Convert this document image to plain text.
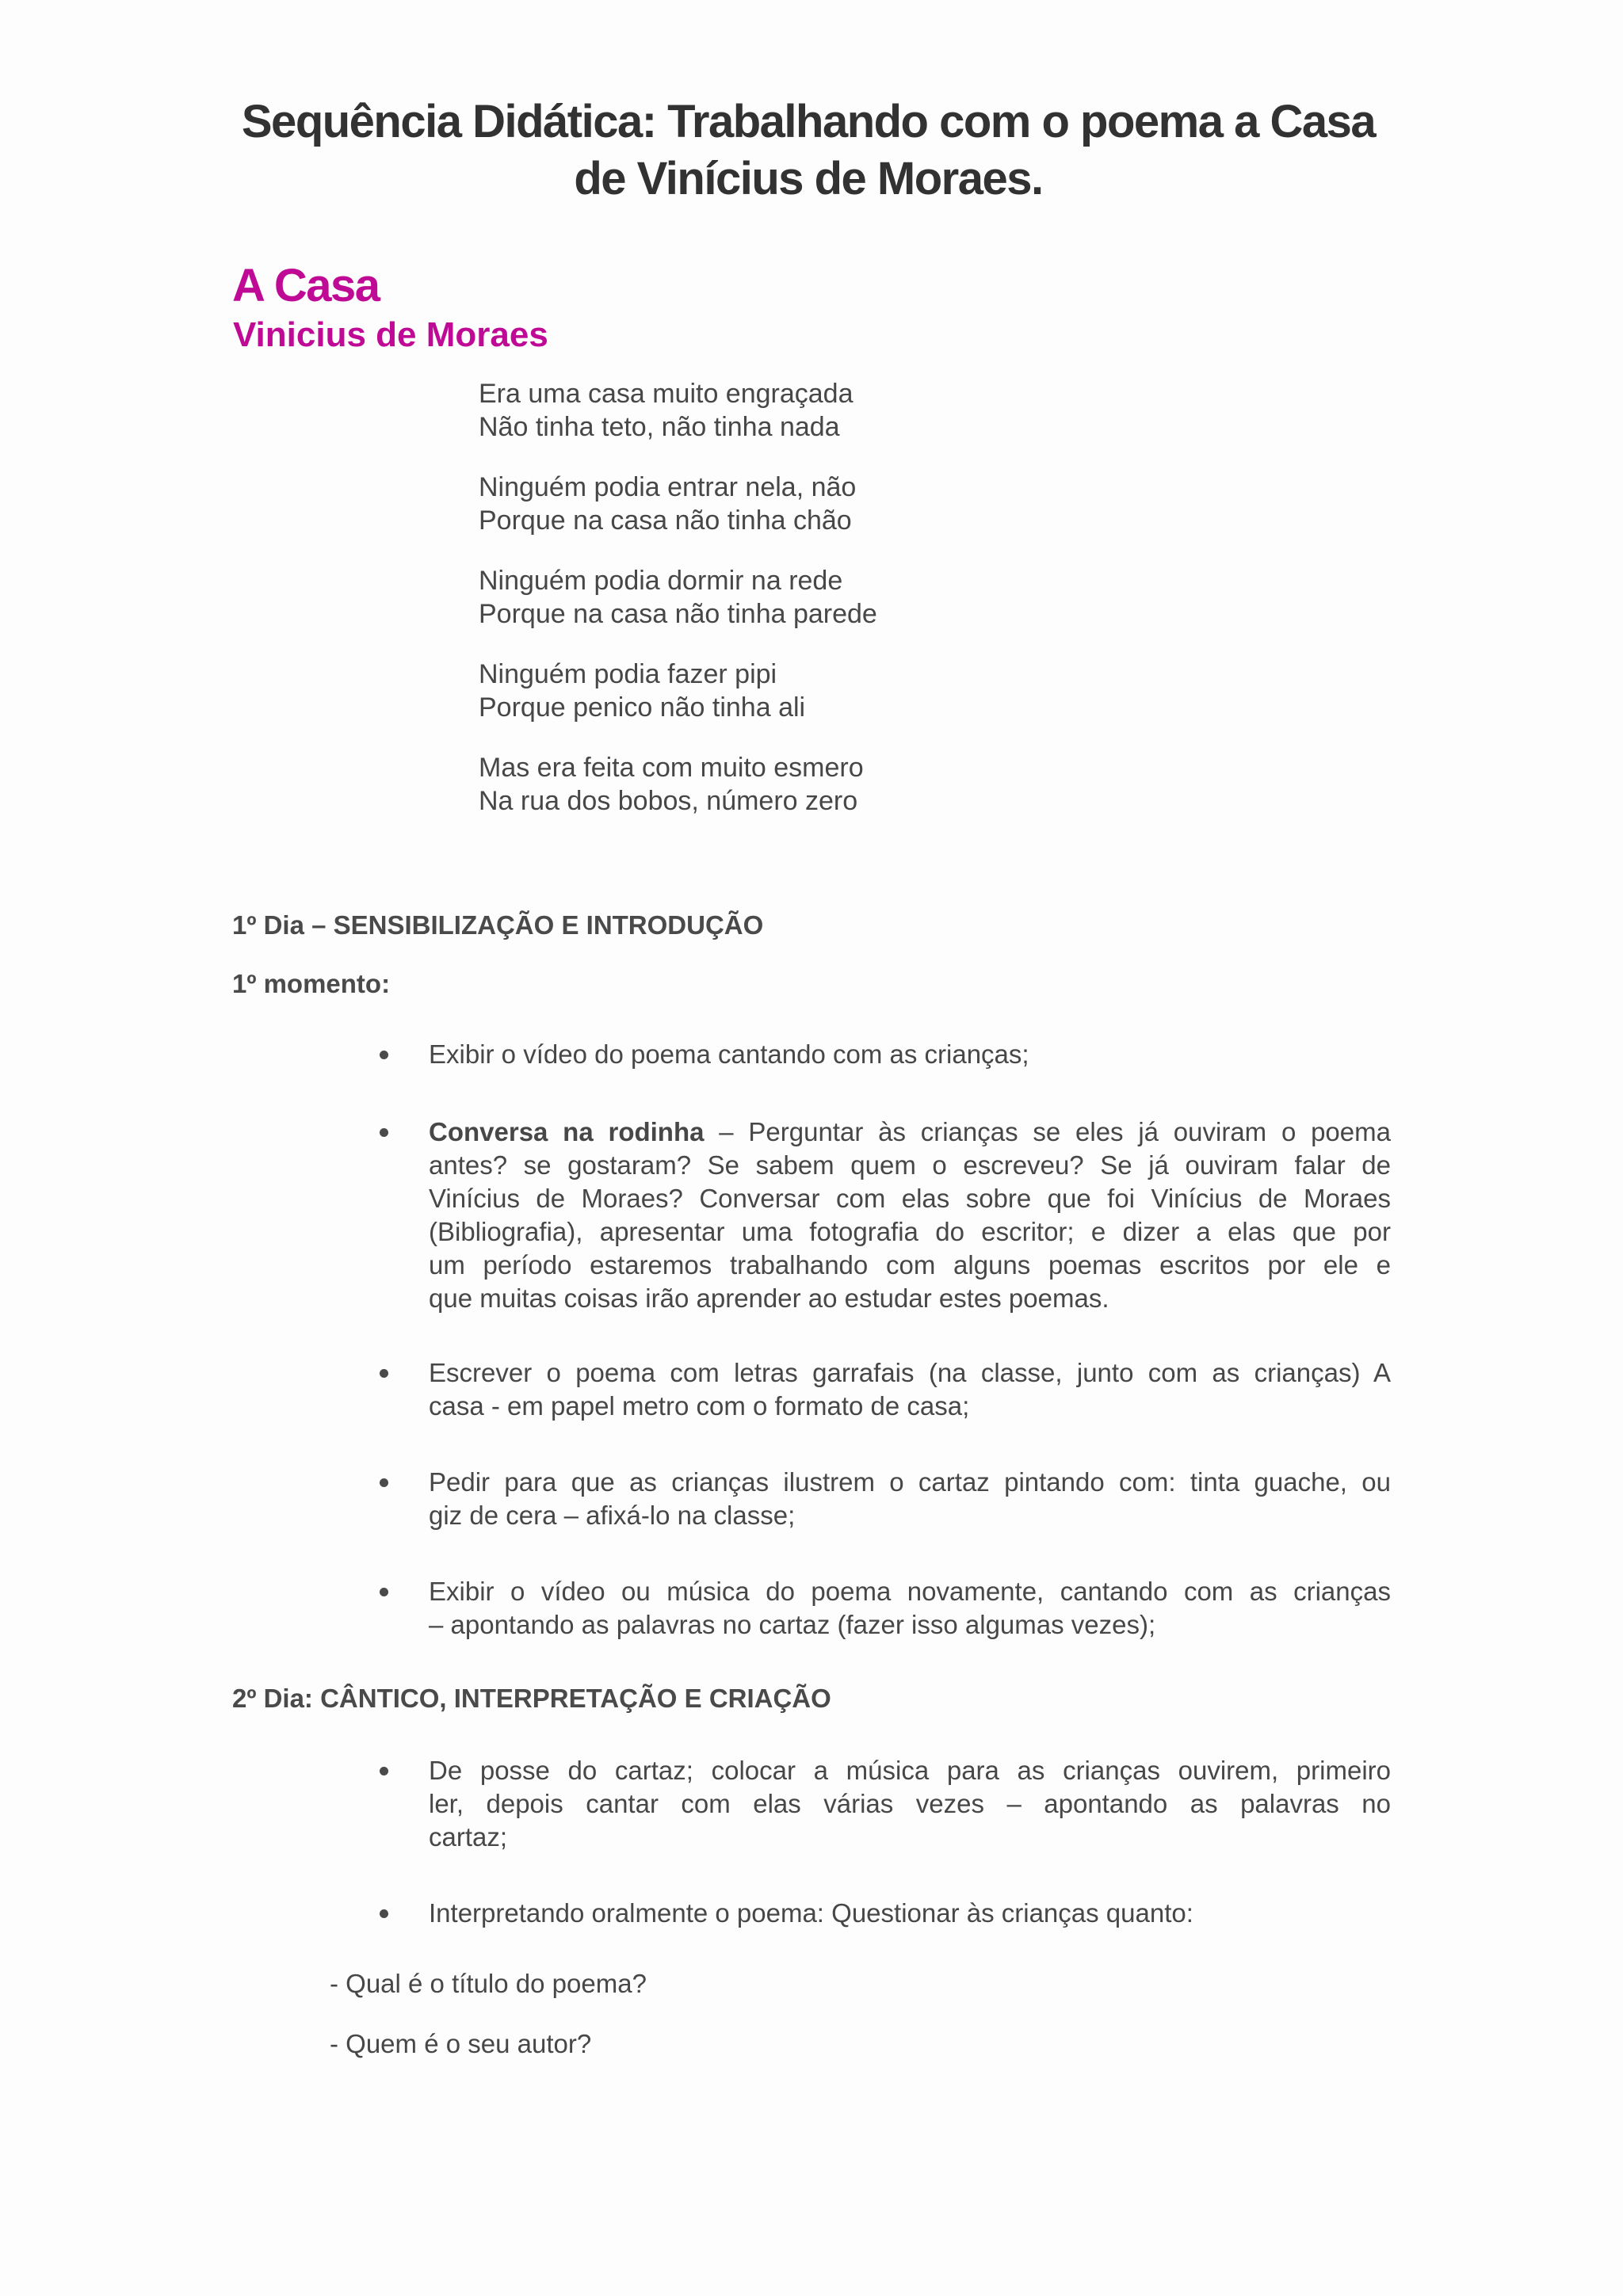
Sequência Didática: Trabalhando com o poema a Casa
de Vinícius de Moraes.
A Casa
Vinicius de Moraes

Era uma casa muito engraçada
Não tinha teto, não tinha nada

Ninguém podia entrar nela, não
Porque na casa não tinha chão

Ninguém podia dormir na rede
Porque na casa não tinha parede

Ninguém podia fazer pipi
Porque penico não tinha ali

Mas era feita com muito esmero
Na rua dos bobos, número zero

1º Dia – SENSIBILIZAÇÃO E INTRODUÇÃO
1º momento:
Exibir o vídeo do poema cantando com as crianças;
Conversa na rodinha – Perguntar às crianças se eles já ouviram o poema
antes? se gostaram? Se sabem quem o escreveu? Se já ouviram falar de
Vinícius de Moraes? Conversar com elas sobre que foi Vinícius de Moraes
(Bibliografia), apresentar uma fotografia do escritor; e dizer a elas que por
um período estaremos trabalhando com alguns poemas escritos por ele e
que muitas coisas irão aprender ao estudar estes poemas.
Escrever o poema com letras garrafais (na classe, junto com as crianças) A
casa - em papel metro com o formato de casa;
Pedir para que as crianças ilustrem o cartaz pintando com: tinta guache, ou
giz de cera – afixá-lo na classe;
Exibir o vídeo ou música do poema novamente, cantando com as crianças
– apontando as palavras no cartaz (fazer isso algumas vezes);
2º Dia: CÂNTICO, INTERPRETAÇÃO E CRIAÇÃO
De posse do cartaz; colocar a música para as crianças ouvirem, primeiro
ler, depois cantar com elas várias vezes – apontando as palavras no
cartaz;
Interpretando oralmente o poema: Questionar às crianças quanto:

- Qual é o título do poema?

- Quem é o seu autor?
